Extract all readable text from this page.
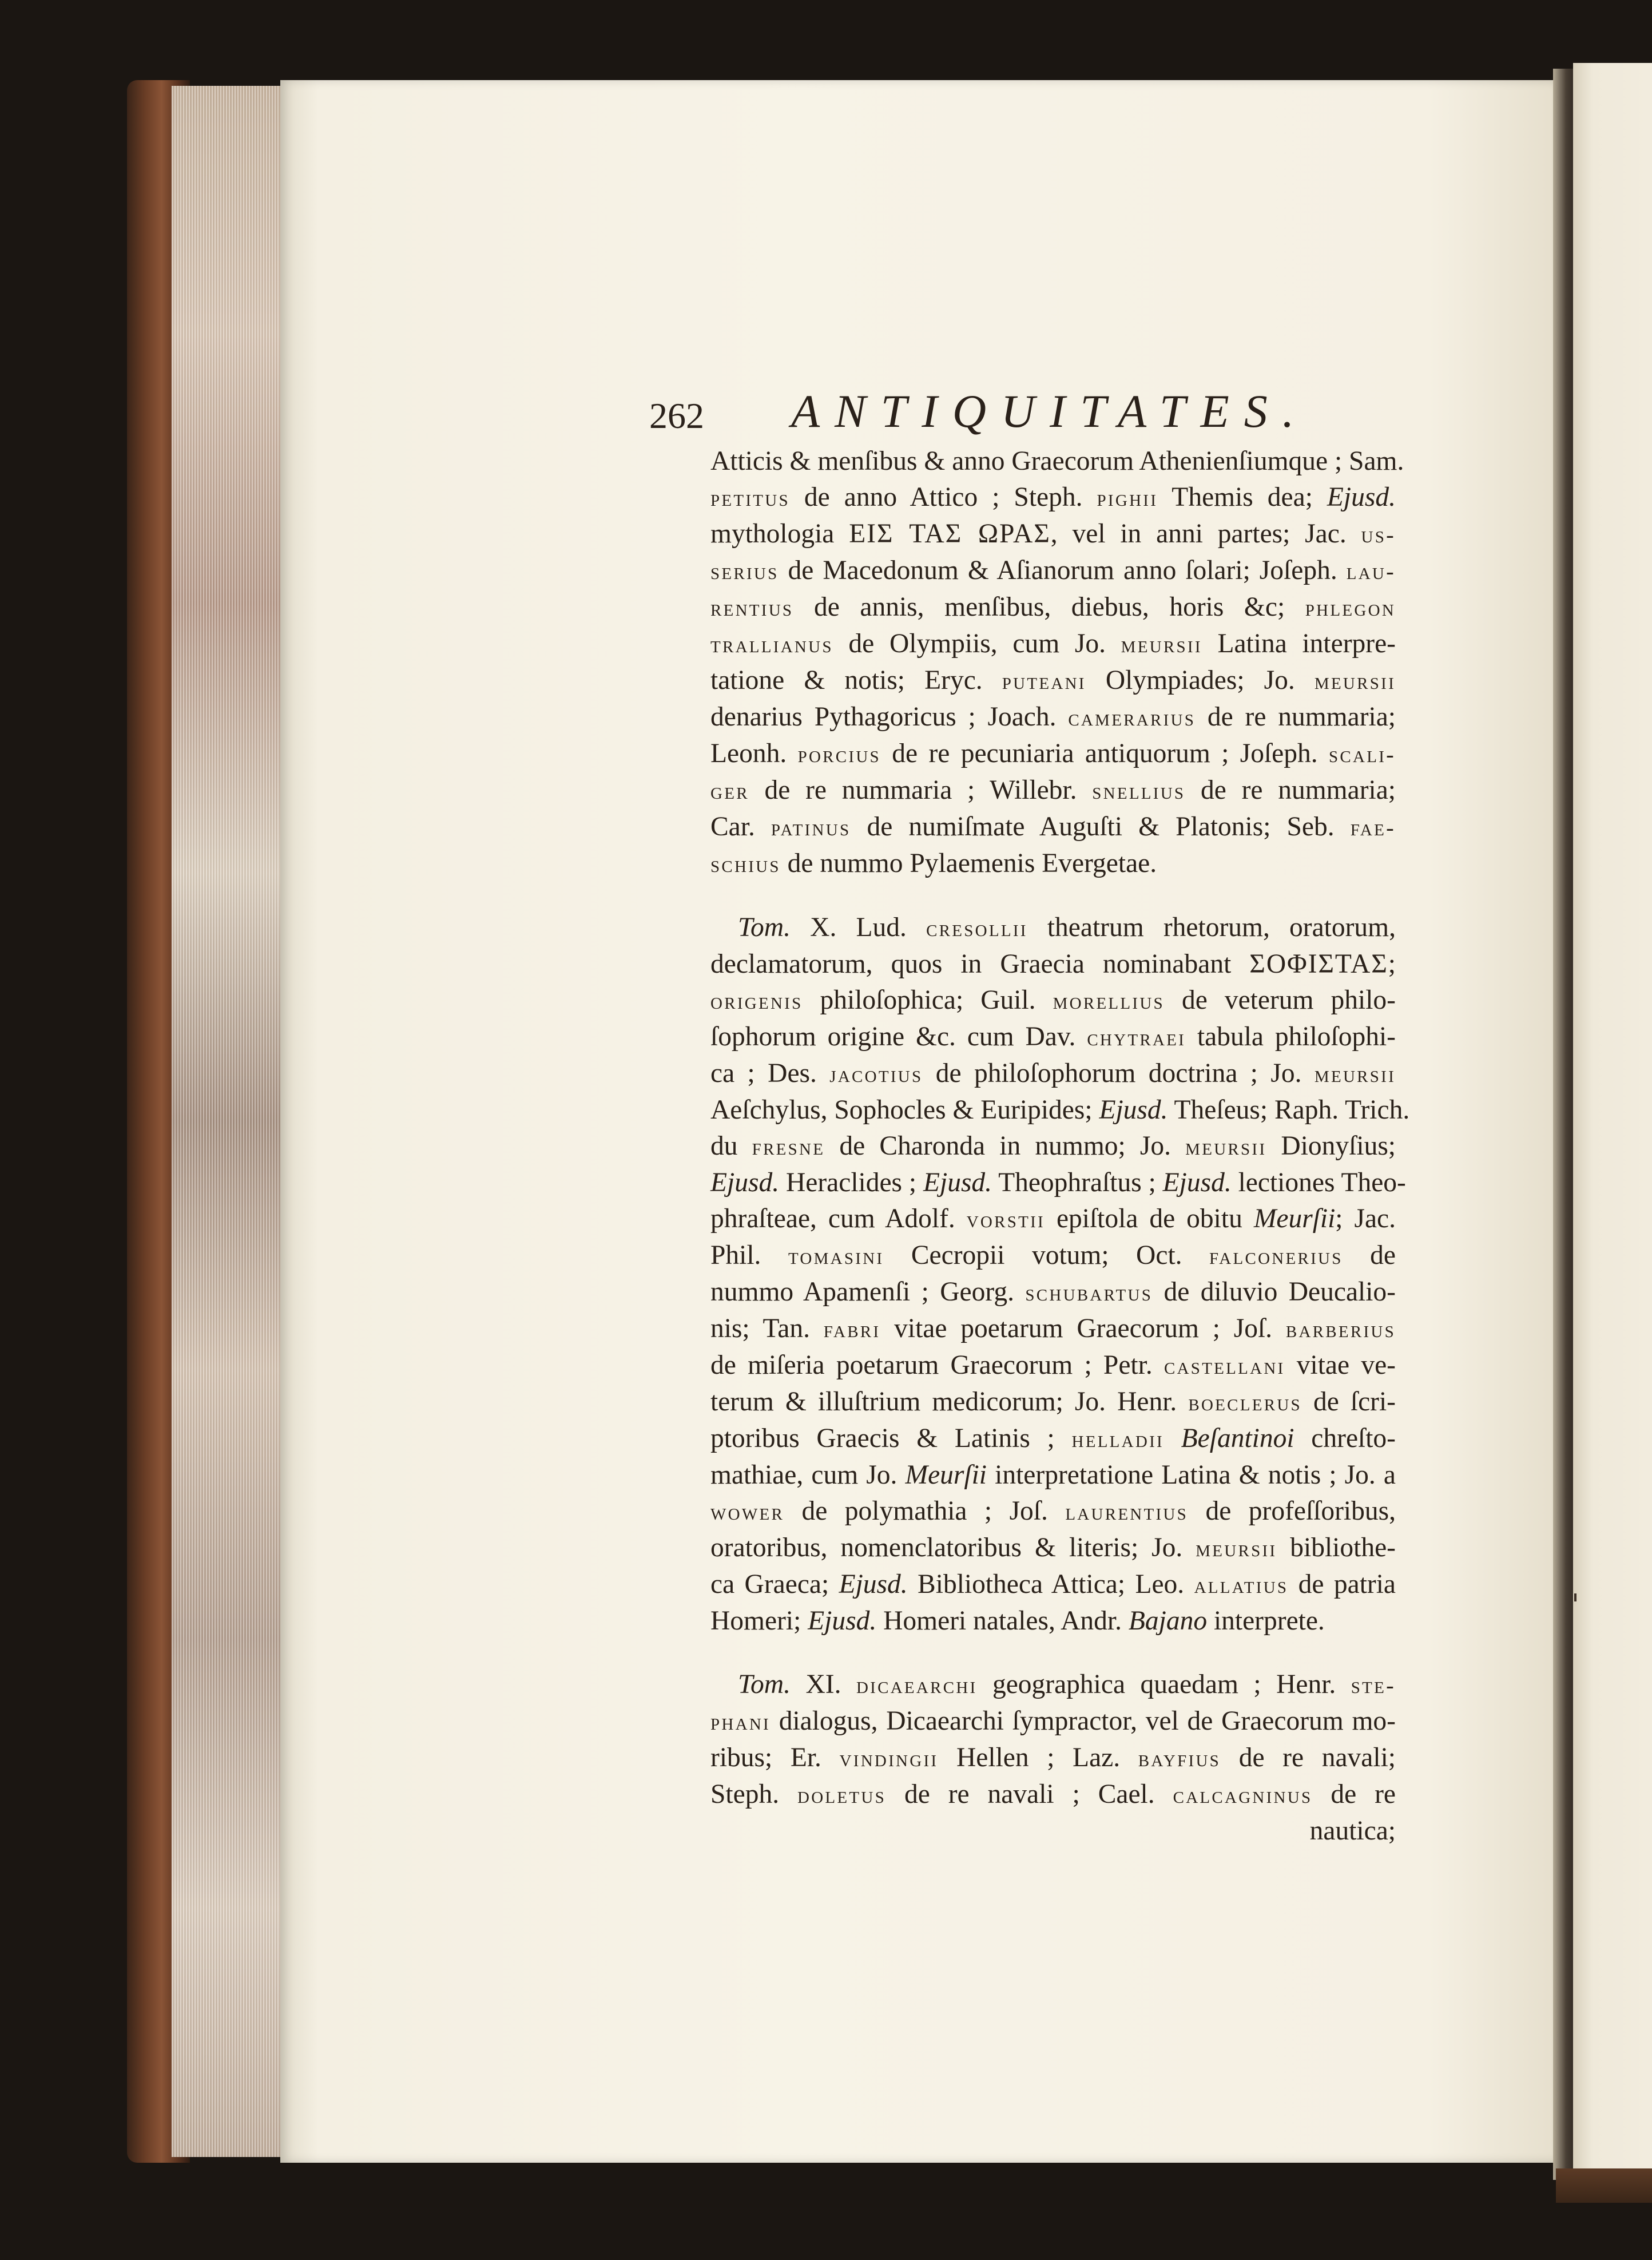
262 ANTIQUITATES.
Atticis & menſibus & anno Graecorum Athenienſiumque ; Sam.
petitus de anno Attico ; Steph. pighii Themis dea; Ejusd.
mythologia ΕΙΣ ΤΑΣ ΩΡΑΣ, vel in anni partes; Jac. us-
serius de Macedonum & Aſianorum anno ſolari; Joſeph. lau-
rentius de annis, menſibus, diebus, horis &c; phlegon
trallianus de Olympiis, cum Jo. meursii Latina interpre-
tatione & notis; Eryc. puteani Olympiades; Jo. meursii
denarius Pythagoricus ; Joach. camerarius de re nummaria;
Leonh. porcius de re pecuniaria antiquorum ; Joſeph. scali-
ger de re nummaria ; Willebr. snellius de re nummaria;
Car. patinus de numiſmate Auguſti & Platonis; Seb. fae-
schius de nummo Pylaemenis Evergetae.
Tom. X. Lud. cresollii theatrum rhetorum, oratorum,
declamatorum, quos in Graecia nominabant ΣΟΦΙΣΤΑΣ;
origenis philoſophica; Guil. morellius de veterum philo-
ſophorum origine &c. cum Dav. chytraei tabula philoſophi-
ca ; Des. jacotius de philoſophorum doctrina ; Jo. meursii
Aeſchylus, Sophocles & Euripides; Ejusd. Theſeus; Raph. Trich.
du fresne de Charonda in nummo; Jo. meursii Dionyſius;
Ejusd. Heraclides ; Ejusd. Theophraſtus ; Ejusd. lectiones Theo-
phraſteae, cum Adolf. vorstii epiſtola de obitu Meurſii; Jac.
Phil. tomasini Cecropii votum; Oct. falconerius de
nummo Apamenſi ; Georg. schubartus de diluvio Deucalio-
nis; Tan. fabri vitae poetarum Graecorum ; Joſ. barberius
de miſeria poetarum Graecorum ; Petr. castellani vitae ve-
terum & illuſtrium medicorum; Jo. Henr. boeclerus de ſcri-
ptoribus Graecis & Latinis ; helladii Beſantinoi chreſto-
mathiae, cum Jo. Meurſii interpretatione Latina & notis ; Jo. a
wower de polymathia ; Joſ. laurentius de profeſſoribus,
oratoribus, nomenclatoribus & literis; Jo. meursii bibliothe-
ca Graeca; Ejusd. Bibliotheca Attica; Leo. allatius de patria
Homeri; Ejusd. Homeri natales, Andr. Bajano interprete.
Tom. XI. dicaearchi geographica quaedam ; Henr. ste-
phani dialogus, Dicaearchi ſympractor, vel de Graecorum mo-
ribus; Er. vindingii Hellen ; Laz. bayfius de re navali;
Steph. doletus de re navali ; Cael. calcagninus de re
nautica;
